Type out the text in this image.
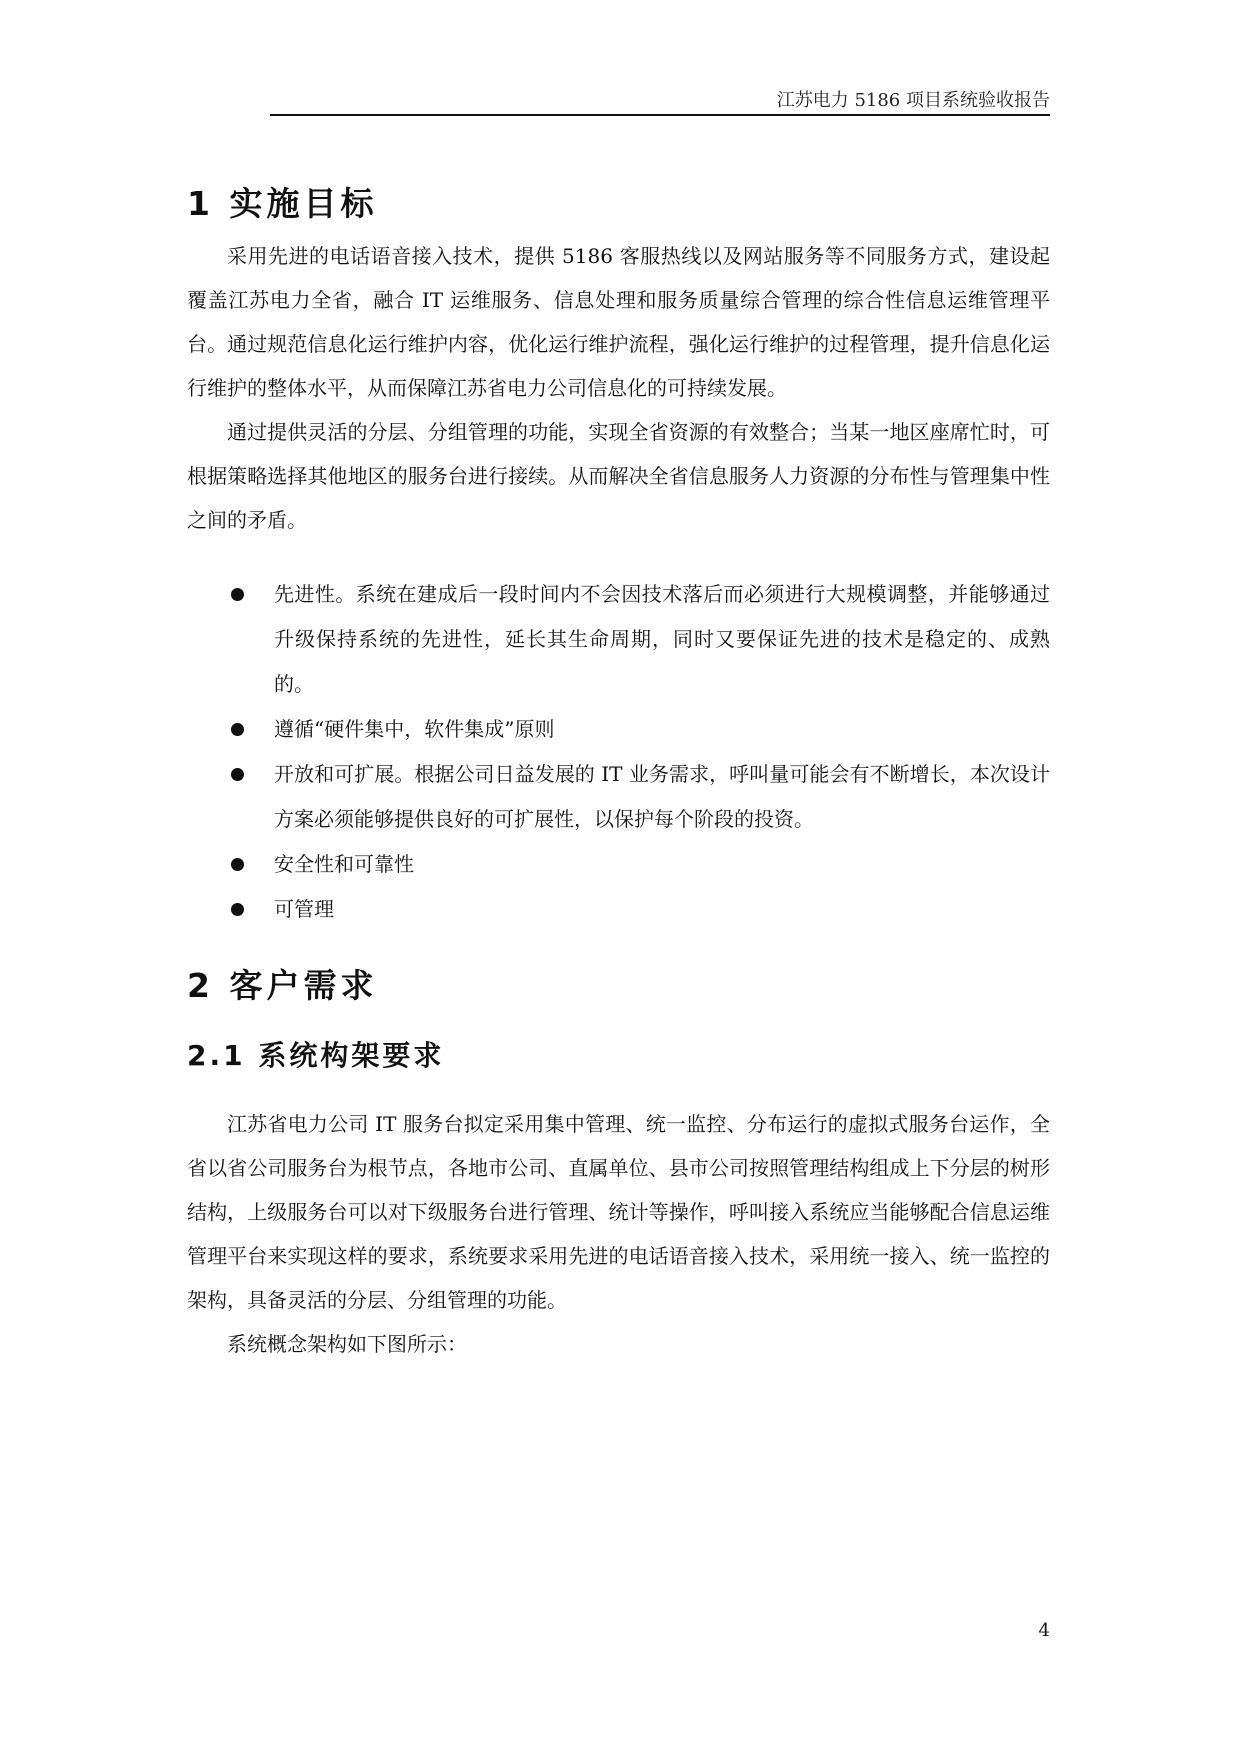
江苏电力 5186 项目系统验收报告
1 实施目标

采用先进的电话语音接入技术，提供 5186 客服热线以及网站服务等不同服务方式，建设起覆盖江苏电力全省，融合 IT 运维服务、信息处理和服务质量综合管理的综合性信息运维管理平台。通过规范信息化运行维护内容，优化运行维护流程，强化运行维护的过程管理，提升信息化运行维护的整体水平，从而保障江苏省电力公司信息化的可持续发展。

通过提供灵活的分层、分组管理的功能，实现全省资源的有效整合；当某一地区座席忙时，可根据策略选择其他地区的服务台进行接续。从而解决全省信息服务人力资源的分布性与管理集中性之间的矛盾。

先进性。系统在建成后一段时间内不会因技术落后而必须进行大规模调整，并能够通过升级保持系统的先进性，延长其生命周期，同时又要保证先进的技术是稳定的、成熟的。
遵循“硬件集中，软件集成”原则
开放和可扩展。根据公司日益发展的 IT 业务需求，呼叫量可能会有不断增长，本次设计方案必须能够提供良好的可扩展性，以保护每个阶段的投资。
安全性和可靠性
可管理
2 客户需求
2.1 系统构架要求

江苏省电力公司 IT 服务台拟定采用集中管理、统一监控、分布运行的虚拟式服务台运作，全省以省公司服务台为根节点，各地市公司、直属单位、县市公司按照管理结构组成上下分层的树形结构，上级服务台可以对下级服务台进行管理、统计等操作，呼叫接入系统应当能够配合信息运维管理平台来实现这样的要求，系统要求采用先进的电话语音接入技术，采用统一接入、统一监控的架构，具备灵活的分层、分组管理的功能。

系统概念架构如下图所示：

4
